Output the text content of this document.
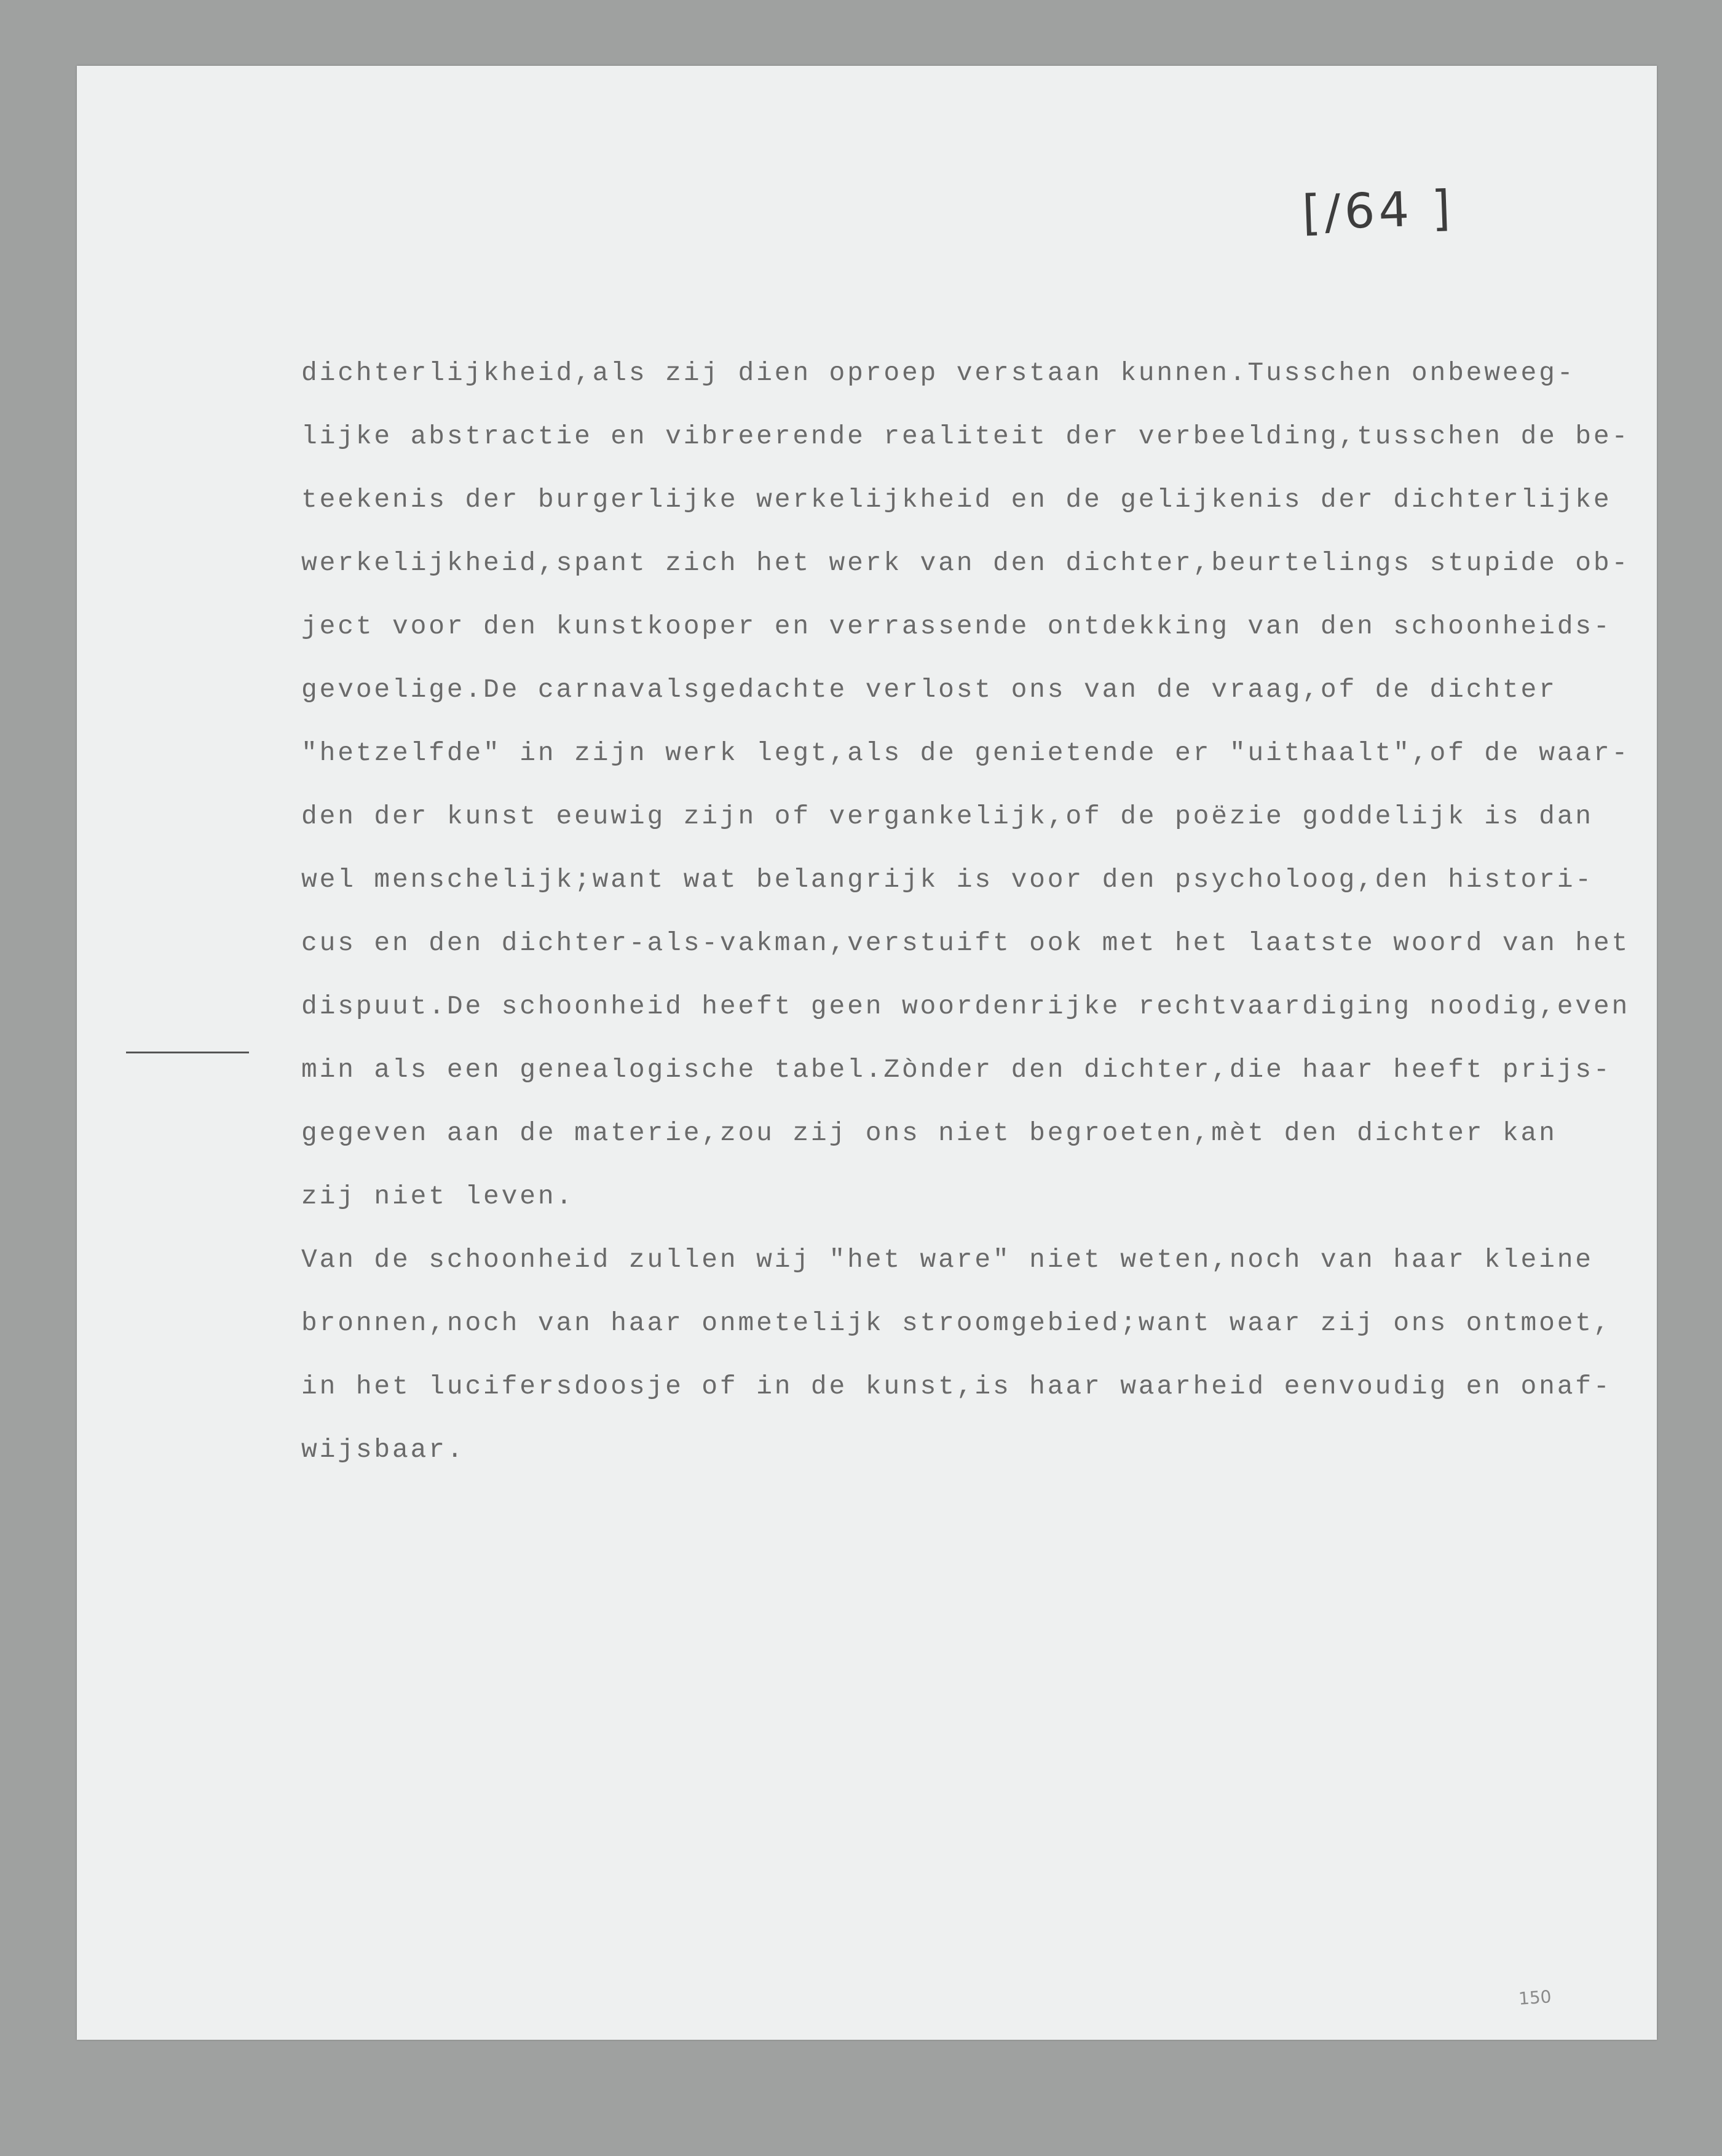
[/64 ]
dichterlijkheid,als zij dien oproep verstaan kunnen.Tusschen onbeweeg-
lijke abstractie en vibreerende realiteit der verbeelding,tusschen de be-
teekenis der burgerlijke werkelijkheid en de gelijkenis der dichterlijke
werkelijkheid,spant zich het werk van den dichter,beurtelings stupide ob-
ject voor den kunstkooper en verrassende ontdekking van den schoonheids-
gevoelige.De carnavalsgedachte verlost ons van de vraag,of de dichter
"hetzelfde" in zijn werk legt,als de genietende er "uithaalt",of de waar-
den der kunst eeuwig zijn of vergankelijk,of de poëzie goddelijk is dan
wel menschelijk;want wat belangrijk is voor den psycholoog,den histori-
cus en den dichter-als-vakman,verstuift ook met het laatste woord van het
dispuut.De schoonheid heeft geen woordenrijke rechtvaardiging noodig,even
min als een genealogische tabel.Zònder den dichter,die haar heeft prijs-
gegeven aan de materie,zou zij ons niet begroeten,mèt den dichter kan
zij niet leven.
Van de schoonheid zullen wij "het ware" niet weten,noch van haar kleine
bronnen,noch van haar onmetelijk stroomgebied;want waar zij ons ontmoet,
in het lucifersdoosje of in de kunst,is haar waarheid eenvoudig en onaf-
wijsbaar.
150
